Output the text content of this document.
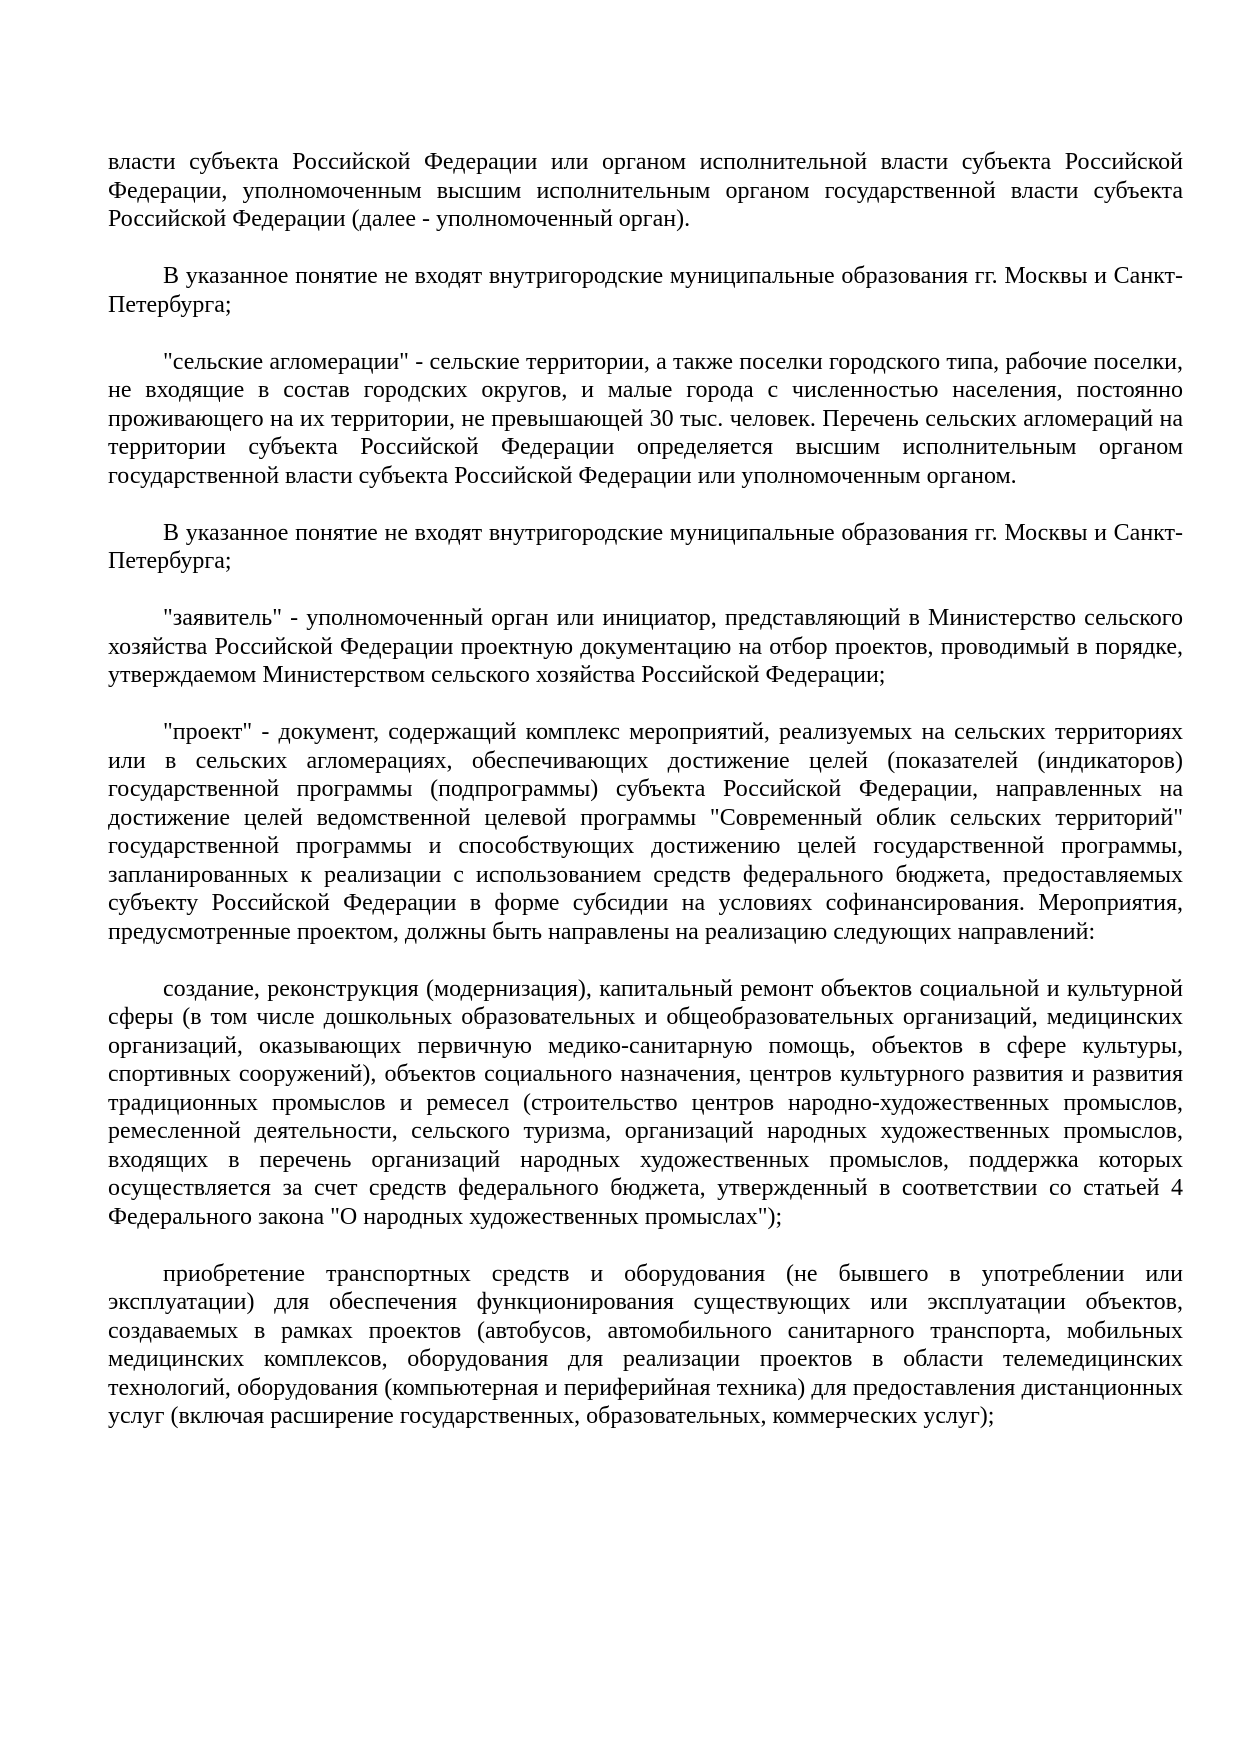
власти субъекта Российской Федерации или органом исполнительной власти субъекта Российской Федерации, уполномоченным высшим исполнительным органом государственной власти субъекта Российской Федерации (далее - уполномоченный орган).

В указанное понятие не входят внутригородские муниципальные образования гг. Москвы и Санкт-Петербурга;

"сельские агломерации" - сельские территории, а также поселки городского типа, рабочие поселки, не входящие в состав городских округов, и малые города с численностью населения, постоянно проживающего на их территории, не превышающей 30 тыс. человек. Перечень сельских агломераций на территории субъекта Российской Федерации определяется высшим исполнительным органом государственной власти субъекта Российской Федерации или уполномоченным органом.

В указанное понятие не входят внутригородские муниципальные образования гг. Москвы и Санкт-Петербурга;

"заявитель" - уполномоченный орган или инициатор, представляющий в Министерство сельского хозяйства Российской Федерации проектную документацию на отбор проектов, проводимый в порядке, утверждаемом Министерством сельского хозяйства Российской Федерации;

"проект" - документ, содержащий комплекс мероприятий, реализуемых на сельских территориях или в сельских агломерациях, обеспечивающих достижение целей (показателей (индикаторов) государственной программы (подпрограммы) субъекта Российской Федерации, направленных на достижение целей ведомственной целевой программы "Современный облик сельских территорий" государственной программы и способствующих достижению целей государственной программы, запланированных к реализации с использованием средств федерального бюджета, предоставляемых субъекту Российской Федерации в форме субсидии на условиях софинансирования. Мероприятия, предусмотренные проектом, должны быть направлены на реализацию следующих направлений:

создание, реконструкция (модернизация), капитальный ремонт объектов социальной и культурной сферы (в том числе дошкольных образовательных и общеобразовательных организаций, медицинских организаций, оказывающих первичную медико-санитарную помощь, объектов в сфере культуры, спортивных сооружений), объектов социального назначения, центров культурного развития и развития традиционных промыслов и ремесел (строительство центров народно-художественных промыслов, ремесленной деятельности, сельского туризма, организаций народных художественных промыслов, входящих в перечень организаций народных художественных промыслов, поддержка которых осуществляется за счет средств федерального бюджета, утвержденный в соответствии со статьей 4 Федерального закона "О народных художественных промыслах");

приобретение транспортных средств и оборудования (не бывшего в употреблении или эксплуатации) для обеспечения функционирования существующих или эксплуатации объектов, создаваемых в рамках проектов (автобусов, автомобильного санитарного транспорта, мобильных медицинских комплексов, оборудования для реализации проектов в области телемедицинских технологий, оборудования (компьютерная и периферийная техника) для предоставления дистанционных услуг (включая расширение государственных, образовательных, коммерческих услуг);
